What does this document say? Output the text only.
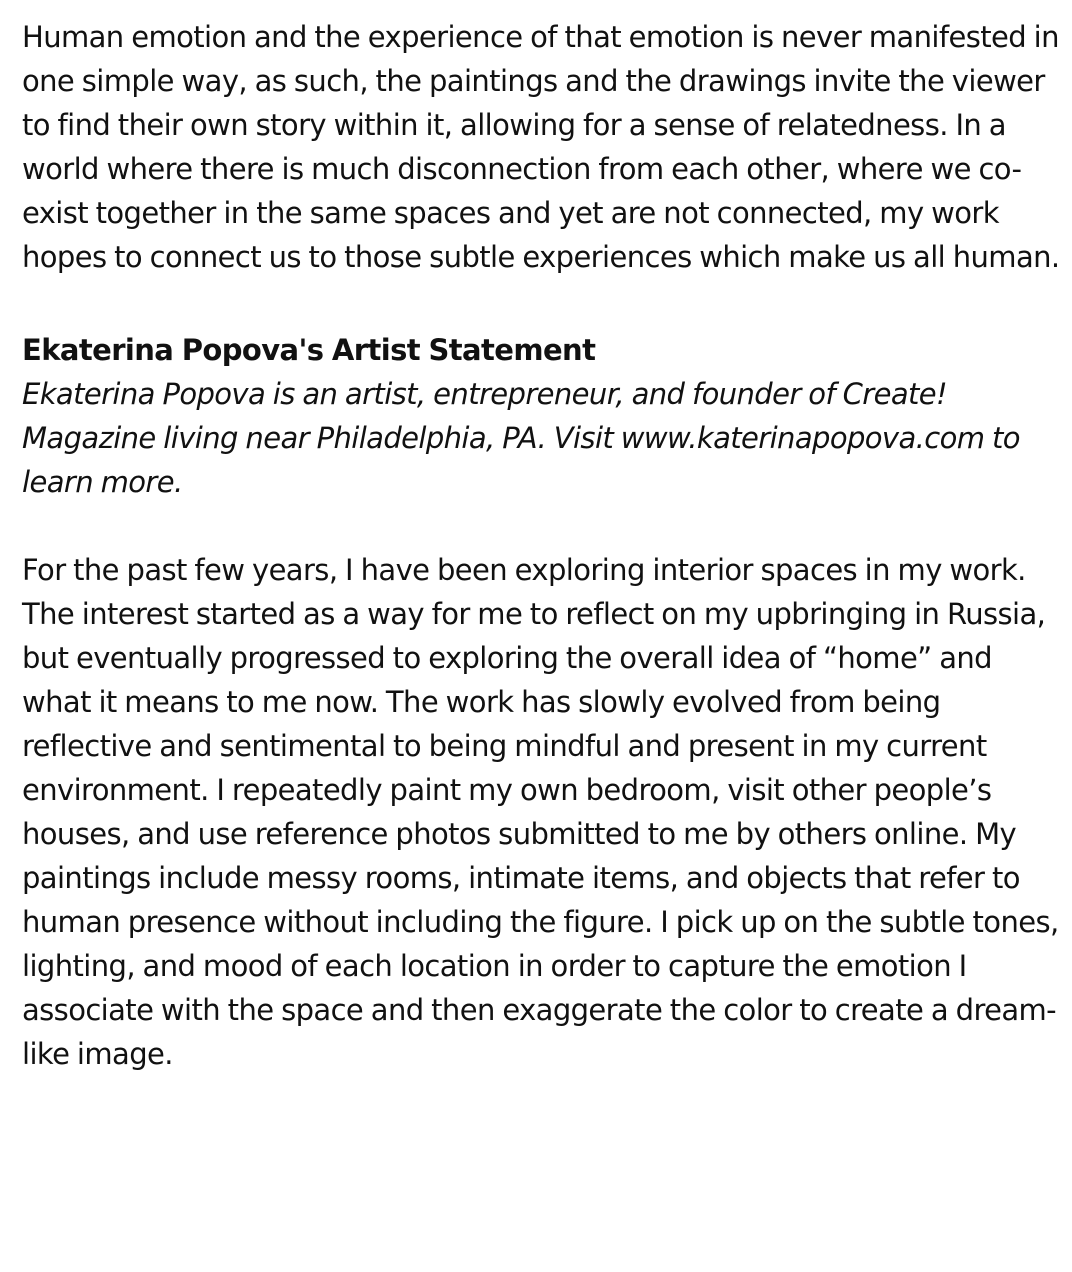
Human emotion and the experience of that emotion is never manifested in one simple way, as such, the paintings and the drawings invite the viewer to find their own story within it, allowing for a sense of relatedness. In a world where there is much disconnection from each other, where we co-exist together in the same spaces and yet are not connected, my work hopes to connect us to those subtle experiences which make us all human.

Ekaterina Popova's Artist Statement

Ekaterina Popova is an artist, entrepreneur, and founder of Create! Magazine living near Philadelphia, PA. Visit www.katerinapopova.com to learn more.

For the past few years, I have been exploring interior spaces in my work. The interest started as a way for me to reflect on my upbringing in Russia, but eventually progressed to exploring the overall idea of “home” and what it means to me now. The work has slowly evolved from being reflective and sentimental to being mindful and present in my current environment. I repeatedly paint my own bedroom, visit other people’s houses, and use reference photos submitted to me by others online. My paintings include messy rooms, intimate items, and objects that refer to human presence without including the figure. I pick up on the subtle tones, lighting, and mood of each location in order to capture the emotion I associate with the space and then exaggerate the color to create a dream-like image.
